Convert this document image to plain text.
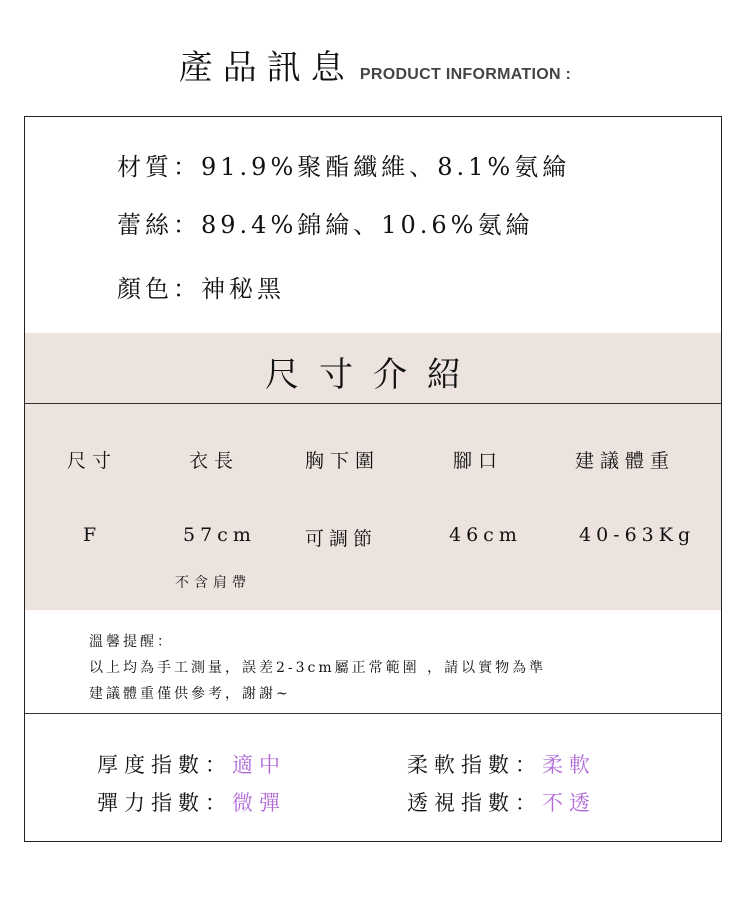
產品訊息 PRODUCT INFORMATION :
材質：91.9%聚酯纖維、8.1%氨綸
蕾絲：89.4%錦綸、10.6%氨綸
顏色：神秘黑
尺寸介紹
尺寸	衣長	胸下圍	腳口	建議體重
F	57cm	可調節	46cm	40-63Kg
不含肩帶
溫馨提醒：
以上均為手工測量，誤差2-3cm屬正常範圍 ，請以實物為準
建議體重僅供參考，謝謝~
厚度指數：適中	柔軟指數：柔軟
彈力指數：微彈	透視指數：不透
